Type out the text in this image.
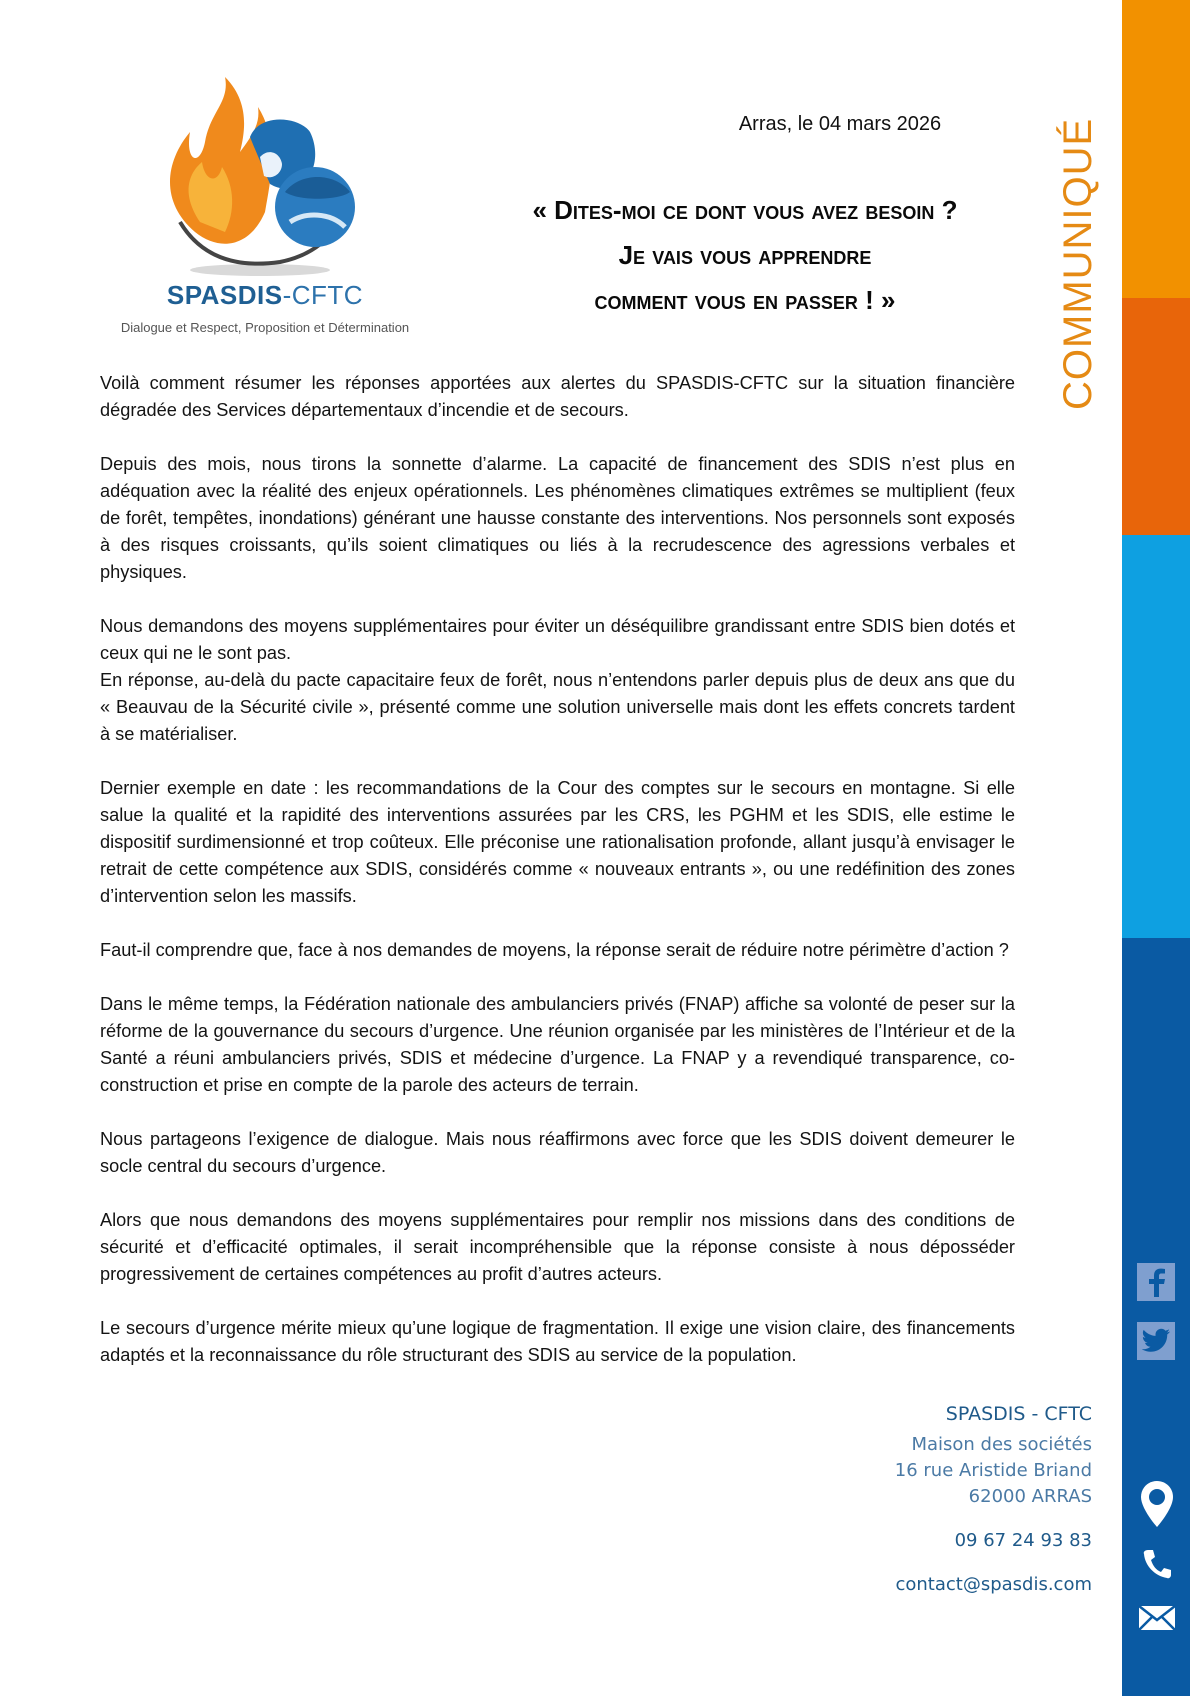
SPASDIS-CFTC
Dialogue et Respect, Proposition et Détermination
Arras, le 04 mars 2026
« Dites-moi ce dont vous avez besoin ?
Je vais vous apprendre
comment vous en passer ! »

Voilà comment résumer les réponses apportées aux alertes du SPASDIS-CFTC sur la situation financière dégradée des Services départementaux d’incendie et de secours.

Depuis des mois, nous tirons la sonnette d’alarme. La capacité de financement des SDIS n’est plus en adéquation avec la réalité des enjeux opérationnels. Les phénomènes climatiques extrêmes se multiplient (feux de forêt, tempêtes, inondations) générant une hausse constante des interventions. Nos personnels sont exposés à des risques croissants, qu’ils soient climatiques ou liés à la recrudescence des agressions verbales et physiques.

Nous demandons des moyens supplémentaires pour éviter un déséquilibre grandissant entre SDIS bien dotés et ceux qui ne le sont pas.

En réponse, au-delà du pacte capacitaire feux de forêt, nous n’entendons parler depuis plus de deux ans que du « Beauvau de la Sécurité civile », présenté comme une solution universelle mais dont les effets concrets tardent à se matérialiser.

Dernier exemple en date : les recommandations de la Cour des comptes sur le secours en montagne. Si elle salue la qualité et la rapidité des interventions assurées par les CRS, les PGHM et les SDIS, elle estime le dispositif surdimensionné et trop coûteux. Elle préconise une rationalisation profonde, allant jusqu’à envisager le retrait de cette compétence aux SDIS, considérés comme « nouveaux entrants », ou une redéfinition des zones d’intervention selon les massifs.

Faut-il comprendre que, face à nos demandes de moyens, la réponse serait de réduire notre périmètre d’action ?

Dans le même temps, la Fédération nationale des ambulanciers privés (FNAP) affiche sa volonté de peser sur la réforme de la gouvernance du secours d’urgence. Une réunion organisée par les ministères de l’Intérieur et de la Santé a réuni ambulanciers privés, SDIS et médecine d’urgence. La FNAP y a revendiqué transparence, co-construction et prise en compte de la parole des acteurs de terrain.

Nous partageons l’exigence de dialogue. Mais nous réaffirmons avec force que les SDIS doivent demeurer le socle central du secours d’urgence.

Alors que nous demandons des moyens supplémentaires pour remplir nos missions dans des conditions de sécurité et d’efficacité optimales, il serait incompréhensible que la réponse consiste à nous déposséder progressivement de certaines compétences au profit d’autres acteurs.

Le secours d’urgence mérite mieux qu’une logique de fragmentation. Il exige une vision claire, des financements adaptés et la reconnaissance du rôle structurant des SDIS au service de la population.

COMMUNIQUÉ
SPASDIS - CFTC
Maison des sociétés
16 rue Aristide Briand
62000 ARRAS
09 67 24 93 83
contact@spasdis.com
